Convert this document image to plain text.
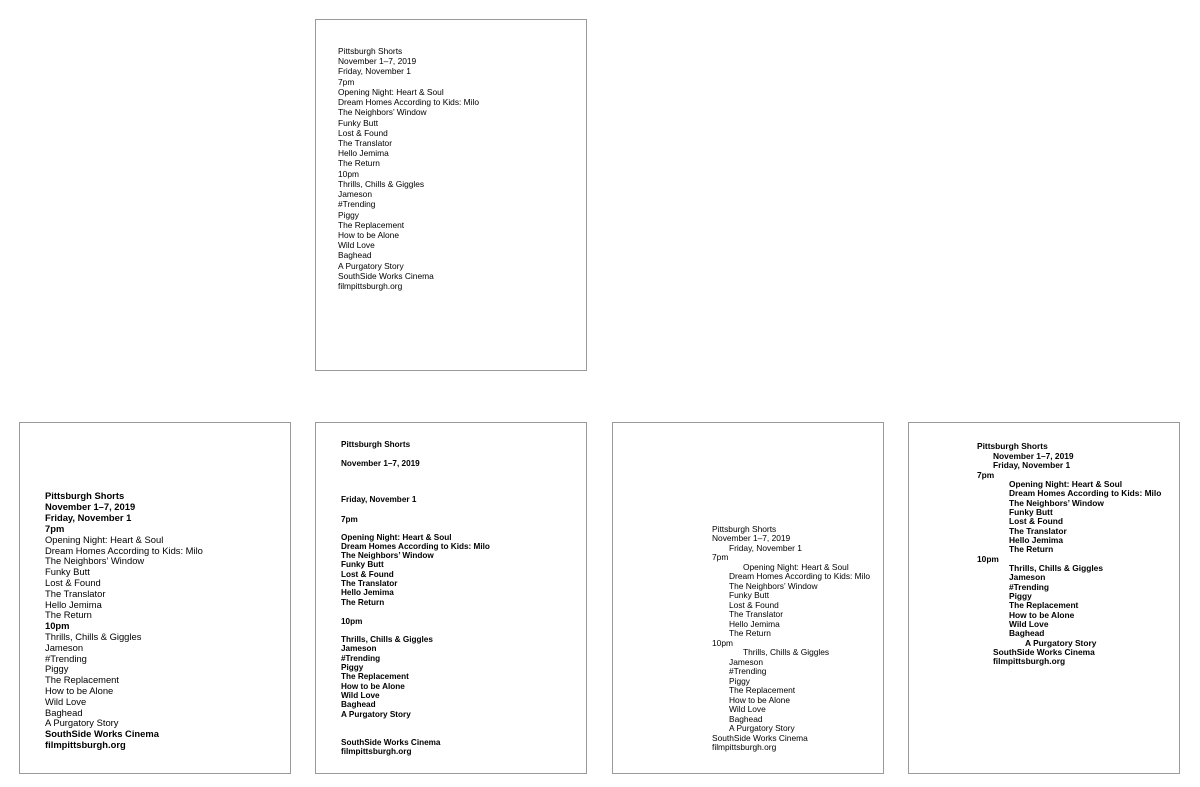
Pittsburgh Shorts
November 1–7, 2019
Friday, November 1
7pm
Opening Night: Heart & Soul
Dream Homes According to Kids: Milo
The Neighbors’ Window
Funky Butt
Lost & Found
The Translator
Hello Jemima
The Return
10pm
Thrills, Chills & Giggles
Jameson
#Trending
Piggy
The Replacement
How to be Alone
Wild Love
Baghead
A Purgatory Story
SouthSide Works Cinema
filmpittsburgh.org
Pittsburgh Shorts
November 1–7, 2019
Friday, November 1
7pm
Opening Night: Heart & Soul
Dream Homes According to Kids: Milo
The Neighbors’ Window
Funky Butt
Lost & Found
The Translator
Hello Jemima
The Return
10pm
Thrills, Chills & Giggles
Jameson
#Trending
Piggy
The Replacement
How to be Alone
Wild Love
Baghead
A Purgatory Story
SouthSide Works Cinema
filmpittsburgh.org
Pittsburgh Shorts
November 1–7, 2019
Friday, November 1
7pm
Opening Night: Heart & Soul
Dream Homes According to Kids: Milo
The Neighbors’ Window
Funky Butt
Lost & Found
The Translator
Hello Jemima
The Return
10pm
Thrills, Chills & Giggles
Jameson
#Trending
Piggy
The Replacement
How to be Alone
Wild Love
Baghead
A Purgatory Story
SouthSide Works Cinema
filmpittsburgh.org
Pittsburgh Shorts
November 1–7, 2019
Friday, November 1
7pm
Opening Night: Heart & Soul
Dream Homes According to Kids: Milo
The Neighbors’ Window
Funky Butt
Lost & Found
The Translator
Hello Jemima
The Return
10pm
Thrills, Chills & Giggles
Jameson
#Trending
Piggy
The Replacement
How to be Alone
Wild Love
Baghead
A Purgatory Story
SouthSide Works Cinema
filmpittsburgh.org
Pittsburgh Shorts
November 1–7, 2019
Friday, November 1
7pm
Opening Night: Heart & Soul
Dream Homes According to Kids: Milo
The Neighbors’ Window
Funky Butt
Lost & Found
The Translator
Hello Jemima
The Return
10pm
Thrills, Chills & Giggles
Jameson
#Trending
Piggy
The Replacement
How to be Alone
Wild Love
Baghead
A Purgatory Story
SouthSide Works Cinema
filmpittsburgh.org
